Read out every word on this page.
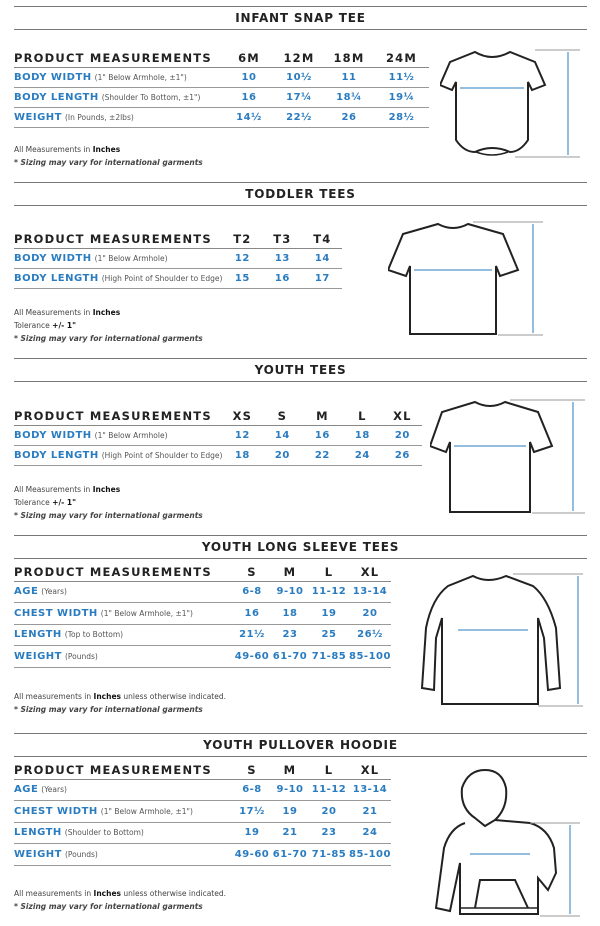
INFANT SNAP TEE
PRODUCT MEASUREMENTS	6M	12M	18M	24M
BODY WIDTH (1" Below Armhole, ±1")	10	10½	11	11½
BODY LENGTH (Shoulder To Bottom, ±1")	16	17¼	18¼	19¼
WEIGHT (In Pounds, ±2lbs)	14½	22½	26	28½
All Measurements in Inches
* Sizing may vary for international garments
TODDLER TEES
PRODUCT MEASUREMENTS	T2	T3	T4
BODY WIDTH (1" Below Armhole)	12	13	14
BODY LENGTH (High Point of Shoulder to Edge)	15	16	17
All Measurements in Inches
Tolerance +/- 1"
* Sizing may vary for international garments
YOUTH TEES
PRODUCT MEASUREMENTS	XS	S	M	L	XL
BODY WIDTH (1" Below Armhole)	12	14	16	18	20
BODY LENGTH (High Point of Shoulder to Edge)	18	20	22	24	26
All Measurements in Inches
Tolerance +/- 1"
* Sizing may vary for international garments
YOUTH LONG SLEEVE TEES
PRODUCT MEASUREMENTS	S	M	L	XL
AGE (Years)	6-8	9-10	11-12	13-14
CHEST WIDTH (1" Below Armhole, ±1")	16	18	19	20
LENGTH (Top to Bottom)	21½	23	25	26½
WEIGHT (Pounds)	49-60	61-70	71-85	85-100
All measurements in Inches unless otherwise indicated.
* Sizing may vary for international garments
YOUTH PULLOVER HOODIE
PRODUCT MEASUREMENTS	S	M	L	XL
AGE (Years)	6-8	9-10	11-12	13-14
CHEST WIDTH (1" Below Armhole, ±1")	17½	19	20	21
LENGTH (Shoulder to Bottom)	19	21	23	24
WEIGHT (Pounds)	49-60	61-70	71-85	85-100
All measurements in Inches unless otherwise indicated.
* Sizing may vary for international garments
